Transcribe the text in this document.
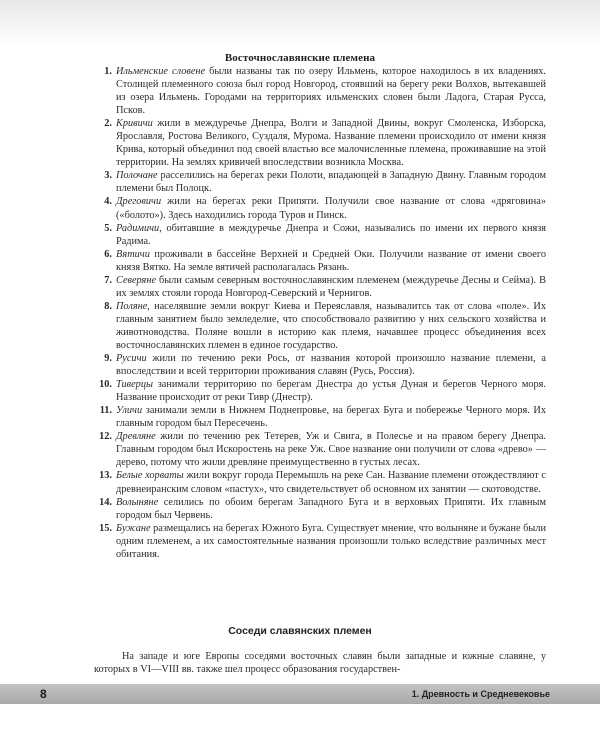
Восточнославянские племена

1. Ильменские словене были названы так по озеру Ильмень, которое находилось в их владениях. Столицей племенного союза был город Новгород, стоявший на берегу реки Волхов, вытекавшей из озера Ильмень. Городами на территориях ильменских словен были Ладога, Старая Русса, Псков.

2. Кривичи жили в междуречье Днепра, Волги и Западной Двины, вокруг Смоленска, Изборска, Ярославля, Ростова Великого, Суздаля, Мурома. Название племени происходило от имени князя Крива, который объединил под своей властью все малочисленные племена, проживавшие на этой территории. На землях кривичей впоследствии возникла Москва.

3. Полочане расселились на берегах реки Полоти, впадающей в Западную Двину. Главным городом племени был Полоцк.

4. Дреговичи жили на берегах реки Припяти. Получили свое название от слова «дряговина» («болото»). Здесь находились города Туров и Пинск.

5. Радимичи, обитавшие в междуречье Днепра и Сожи, назывались по имени их первого князя Радима.

6. Вятичи проживали в бассейне Верхней и Средней Оки. Получили название от имени своего князя Вятко. На земле вятичей располагалась Рязань.

7. Северяне были самым северным восточнославянским племенем (междуречье Десны и Сейма). В их землях стояли города Новгород-Северский и Чернигов.

8. Поляне, населявшие земли вокруг Киева и Переяславля, называлитсь так от слова «поле». Их главным занятием было земледелие, что способствовало развитию у них сельского хозяйства и животноводства. Поляне вошли в историю как племя, начавшее процесс объединения всех восточнославянских племен в единое государство.

9. Русичи жили по течению реки Рось, от названия которой произошло название племени, а впоследствии и всей территории проживания славян (Русь, Россия).

10. Тиверцы занимали территорию по берегам Днестра до устья Дуная и берегов Черного моря. Название происходит от реки Тивр (Днестр).

11. Уличи занимали земли в Нижнем Поднепровье, на берегах Буга и побережье Черного моря. Их главным городом был Пересечень.

12. Древляне жили по течению рек Тетерев, Уж и Свига, в Полесье и на правом берегу Днепра. Главным городом был Искоростень на реке Уж. Свое название они получили от слова «древо» — дерево, потому что жили древляне преимущественно в густых лесах.

13. Белые хорваты жили вокруг города Перемышль на реке Сан. Название племени отождествляют с древнеиранским словом «пастух», что свидетельствует об основном их занятии — скотоводстве.

14. Волыняне селились по обоим берегам Западного Буга и в верховьях Припяти. Их главным городом был Червень.

15. Бужане размещались на берегах Южного Буга. Существует мнение, что волыняне и бужане были одним племенем, а их самостоятельные названия произошли только вследствие различных мест обитания.

Соседи славянских племен

На западе и юге Европы соседями восточных славян были западные и южные славяне, у которых в VI—VIII вв. также шел процесс образования государствен-

8	1. Древность и Средневековье
